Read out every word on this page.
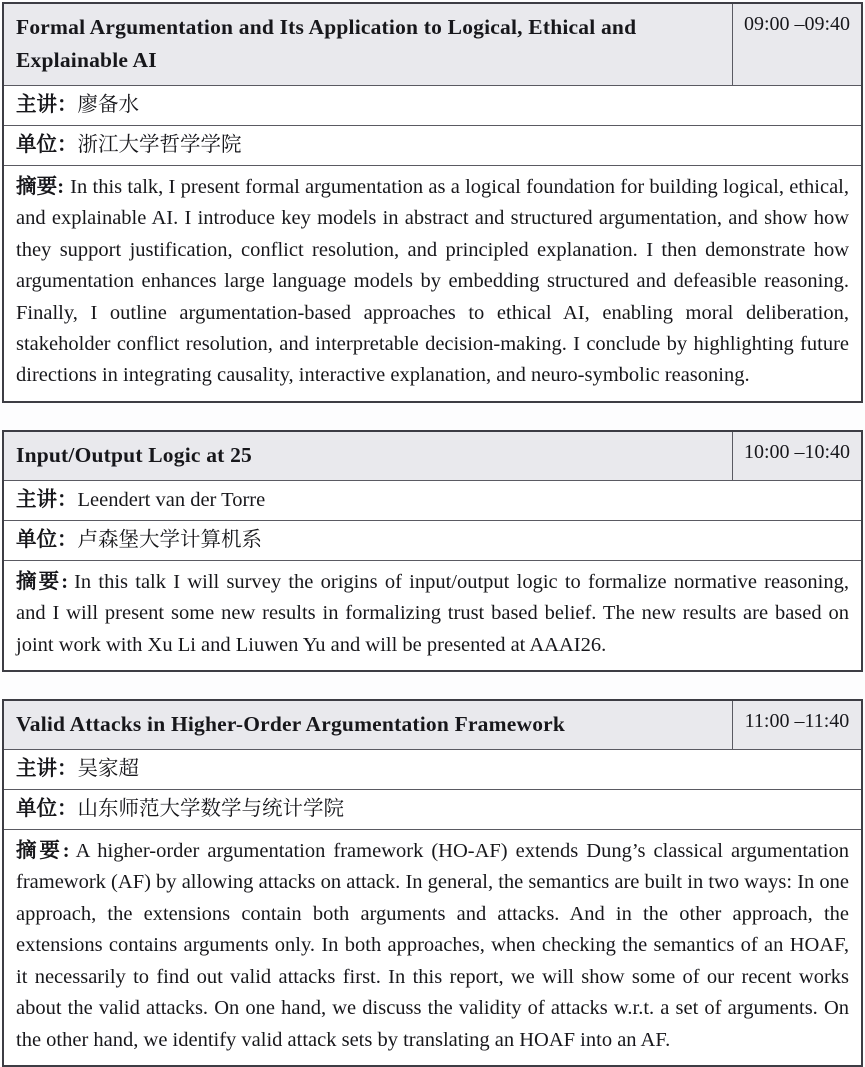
Formal Argumentation and Its Application to Logical, Ethical and Explainable AI	09:00 –09:40
主讲：廖备水
单位：浙江大学哲学学院
摘要: In this talk, I present formal argumentation as a logical foundation for building logical, ethical, and explainable AI. I introduce key models in abstract and structured argumentation, and show how they support justification, conflict resolution, and principled explanation. I then demonstrate how argumentation enhances large language models by embedding structured and defeasible reasoning. Finally, I outline argumentation-based approaches to ethical AI, enabling moral deliberation, stakeholder conflict resolution, and interpretable decision-making. I conclude by highlighting future directions in integrating causality, interactive explanation, and neuro-symbolic reasoning.
Input/Output Logic at 25	10:00 –10:40
主讲：Leendert van der Torre
单位：卢森堡大学计算机系
摘要: In this talk I will survey the origins of input/output logic to formalize normative reasoning, and I will present some new results in formalizing trust based belief. The new results are based on joint work with Xu Li and Liuwen Yu and will be presented at AAAI26.
Valid Attacks in Higher-Order Argumentation Framework	11:00 –11:40
主讲：吴家超
单位：山东师范大学数学与统计学院
摘要: A higher-order argumentation framework (HO-AF) extends Dung’s classical argumentation framework (AF) by allowing attacks on attack. In general, the semantics are built in two ways: In one approach, the extensions contain both arguments and attacks. And in the other approach, the extensions contains arguments only. In both approaches, when checking the semantics of an HOAF, it necessarily to find out valid attacks first. In this report, we will show some of our recent works about the valid attacks. On one hand, we discuss the validity of attacks w.r.t. a set of arguments. On the other hand, we identify valid attack sets by translating an HOAF into an AF.
